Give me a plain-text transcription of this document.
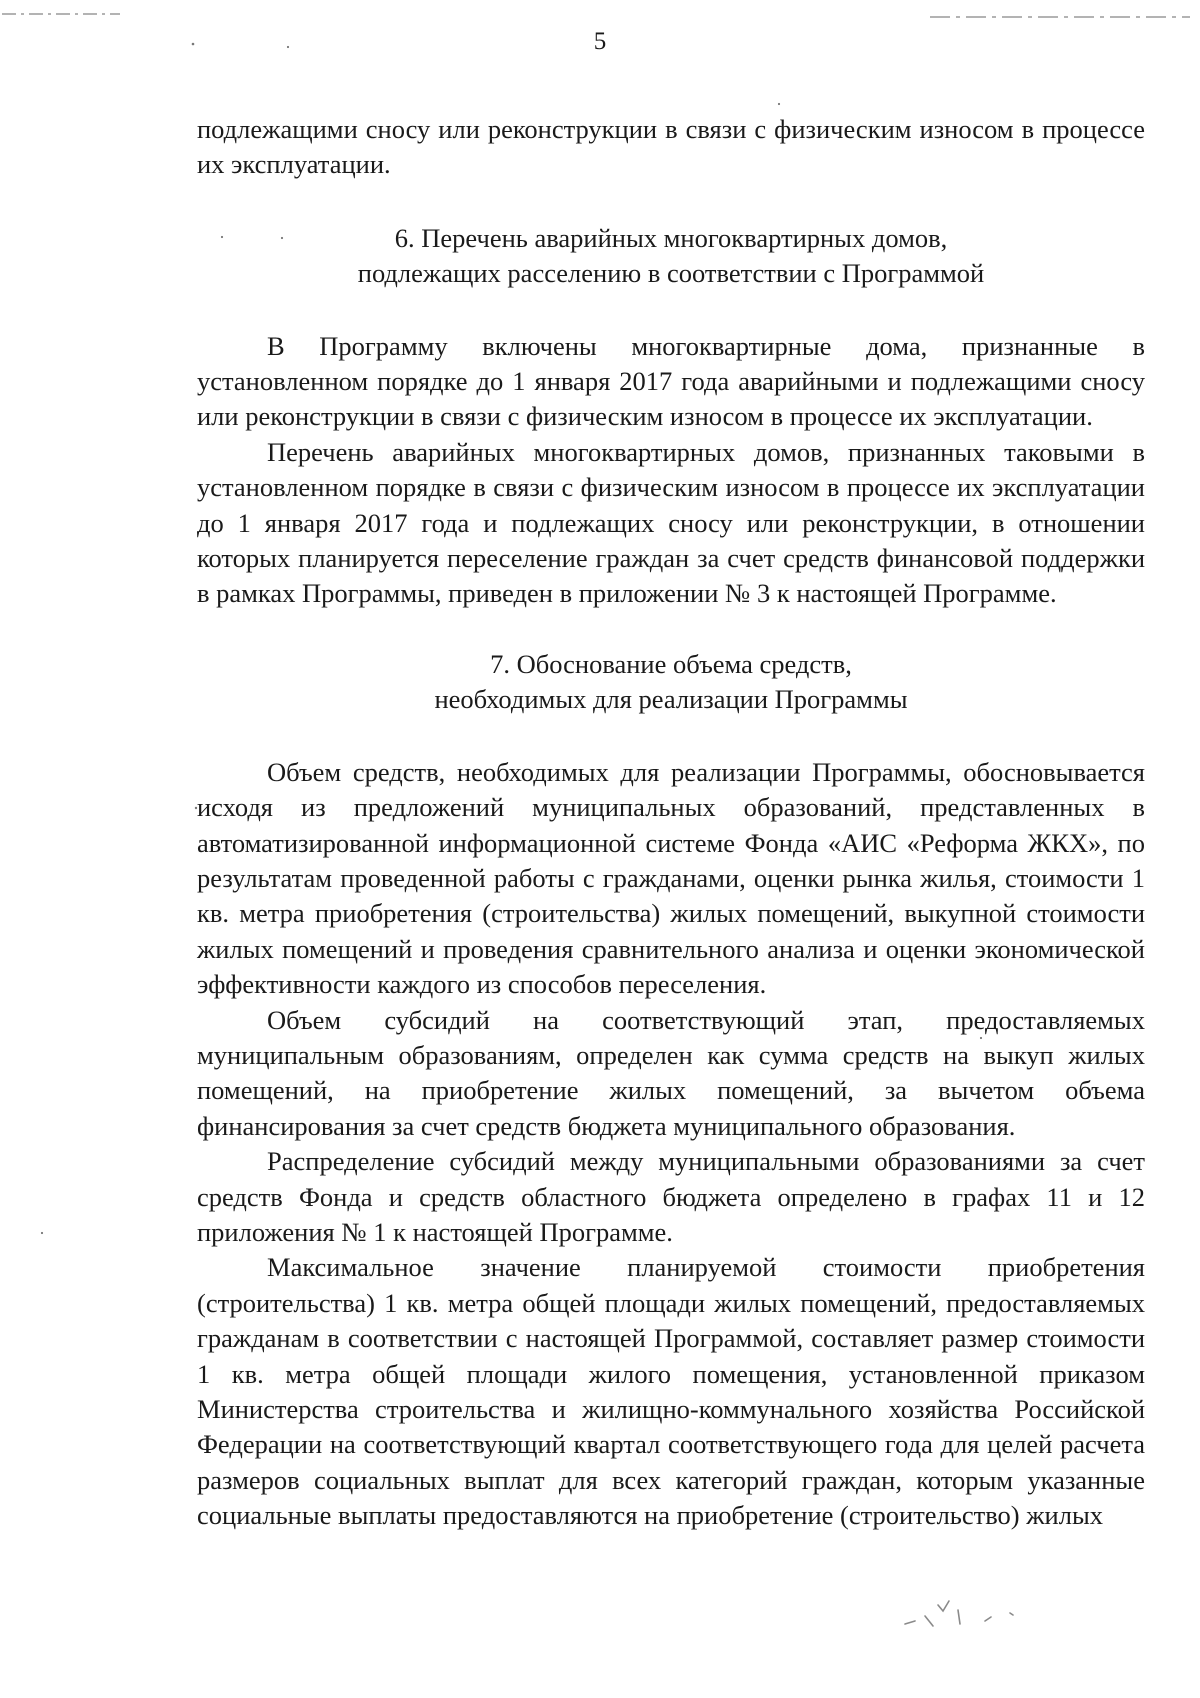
5

подлежащими сносу или реконструкции в связи с физическим износом в процессе их эксплуатации.

6. Перечень аварийных многоквартирных домов,
подлежащих расселению в соответствии с Программой

В Программу включены многоквартирные дома, признанные в установленном порядке до 1 января 2017 года аварийными и подлежащими сносу или реконструкции в связи с физическим износом в процессе их эксплуатации.

Перечень аварийных многоквартирных домов, признанных таковыми в установленном порядке в связи с физическим износом в процессе их эксплуатации до 1 января 2017 года и подлежащих сносу или реконструкции, в отношении которых планируется переселение граждан за счет средств финансовой поддержки в рамках Программы, приведен в приложении № 3 к настоящей Программе.

7. Обоснование объема средств,
необходимых для реализации Программы

Объем средств, необходимых для реализации Программы, обосновывается исходя из предложений муниципальных образований, представленных в автоматизированной информационной системе Фонда «АИС «Реформа ЖКХ», по результатам проведенной работы с гражданами, оценки рынка жилья, стоимости 1 кв. метра приобретения (строительства) жилых помещений, выкупной стоимости жилых помещений и проведения сравнительного анализа и оценки экономической эффективности каждого из способов переселения.

Объем субсидий на соответствующий этап, предоставляемых муниципальным образованиям, определен как сумма средств на выкуп жилых помещений, на приобретение жилых помещений, за вычетом объема финансирования за счет средств бюджета муниципального образования.

Распределение субсидий между муниципальными образованиями за счет средств Фонда и средств областного бюджета определено в графах 11 и 12 приложения № 1 к настоящей Программе.

Максимальное значение планируемой стоимости приобретения (строительства) 1 кв. метра общей площади жилых помещений, предоставляемых гражданам в соответствии с настоящей Программой, составляет размер стоимости 1 кв. метра общей площади жилого помещения, установленной приказом Министерства строительства и жилищно-коммунального хозяйства Российской Федерации на соответствующий квартал соответствующего года для целей расчета размеров социальных выплат для всех категорий граждан, которым указанные социальные выплаты предоставляются на приобретение (строительство) жилых
